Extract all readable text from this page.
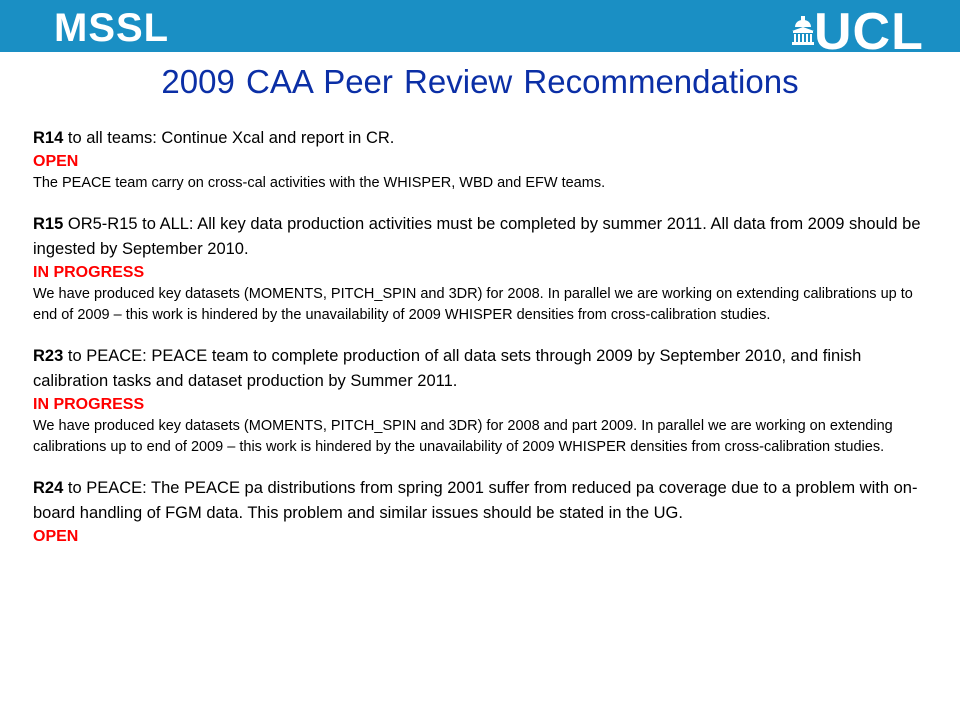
MSSL	UCL
2009 CAA Peer Review Recommendations
R14 to all teams: Continue Xcal and report in CR.
OPEN
The PEACE team carry on cross-cal activities with the WHISPER, WBD and EFW teams.
R15 OR5-R15 to ALL: All key data production activities must be completed by summer 2011. All data from 2009 should be ingested by September 2010.
IN PROGRESS
We have produced key datasets (MOMENTS, PITCH_SPIN and 3DR) for 2008. In parallel we are working on extending calibrations up to end of 2009 – this work is hindered by the unavailability of 2009 WHISPER densities from cross-calibration studies.
R23 to PEACE: PEACE team to complete production of all data sets through 2009 by September 2010, and finish calibration tasks and dataset production by Summer 2011.
IN PROGRESS
We have produced key datasets (MOMENTS, PITCH_SPIN and 3DR) for 2008 and part 2009. In parallel we are working on extending calibrations up to end of 2009 – this work is hindered by the unavailability of 2009 WHISPER densities from cross-calibration studies.
R24 to PEACE: The PEACE pa distributions from spring 2001 suffer from reduced pa coverage due to a problem with on-board handling of FGM data. This problem and similar issues should be stated in the UG.
OPEN
